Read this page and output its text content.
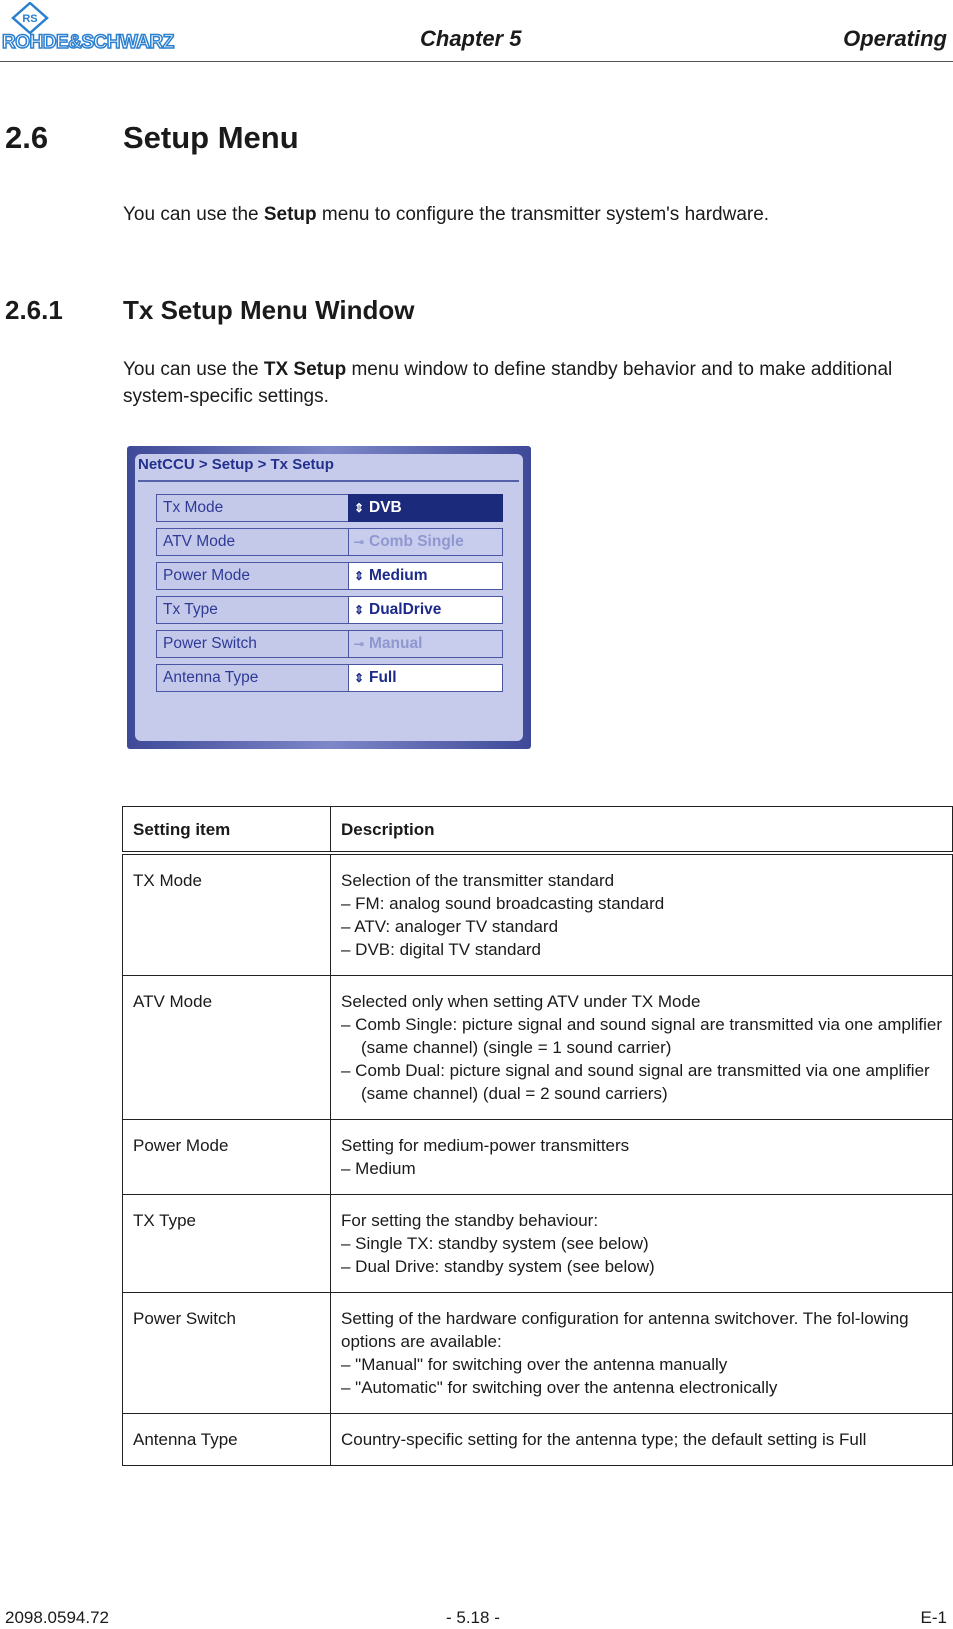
RS
ROHDE&SCHWARZ	Chapter 5	Operating
2.6 Setup Menu

You can use the Setup menu to configure the transmitter system's hardware.

2.6.1 Tx Setup Menu Window

You can use the TX Setup menu window to define standby behavior and to make additional system-specific settings.

NetCCU > Setup > Tx Setup
Tx Mode	⇕ DVB
ATV Mode	⊸ Comb Single
Power Mode	⇕ Medium
Tx Type	⇕ DualDrive
Power Switch	⊸ Manual
Antenna Type	⇕ Full
Setting item	Description
TX Mode	Selection of the transmitter standard
– FM: analog sound broadcasting standard
– ATV: analoger TV standard
– DVB: digital TV standard

ATV Mode	Selected only when setting ATV under TX Mode
– Comb Single: picture signal and sound signal are transmitted via one amplifier (same channel) (single = 1 sound carrier)
– Comb Dual: picture signal and sound signal are transmitted via one amplifier (same channel) (dual = 2 sound carriers)

Power Mode	Setting for medium-power transmitters
– Medium

TX Type	For setting the standby behaviour:
– Single TX: standby system (see below)
– Dual Drive: standby system (see below)

Power Switch	Setting of the hardware configuration for antenna switchover. The fol-lowing options are available:
– "Manual" for switching over the antenna manually
– "Automatic" for switching over the antenna electronically

Antenna Type	Country-specific setting for the antenna type; the default setting is Full
2098.0594.72	- 5.18 -	E-1
